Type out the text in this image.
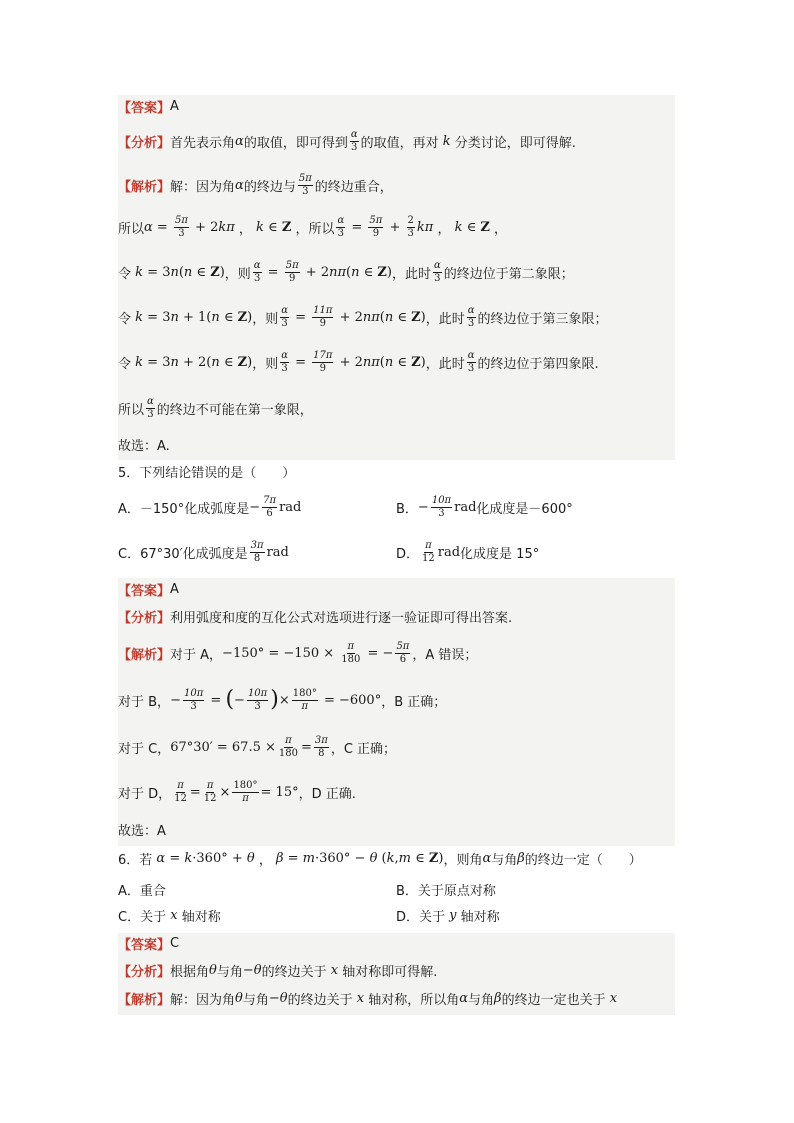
【答案】 A
【分析】 首先表示角 α 的取值，即可得到 $\frac{\alpha}{3}$ 的取值，再对 k 分类讨论，即可得解.
【解析】 解：因为角 α 的终边与 $\frac{5\pi}{3}$ 的终边重合，
所以 $\alpha = \frac{5\pi}{3} + 2$ kπ ， k ∈ Z
，所以 $\frac{\alpha}{3} = \frac{5\pi}{9} + \frac{2}{3}$ kπ ， k ∈ Z ，
令 k = 3 n ( n ∈ Z ) ，则 $\frac{\alpha}{3} = \frac{5\pi}{9} + 2$ nπ ( n ∈ Z ) ，此时 $\frac{\alpha}{3}$ 的终边位于第二象限；
令 k = 3 n + 1( n ∈ Z ) ，则 $\frac{\alpha}{3} = \frac{11\pi}{9} + 2$ nπ ( n ∈ Z ) ，此时 $\frac{\alpha}{3}$ 的终边位于第三象限；
令 k = 3 n + 2( n ∈ Z ) ，则 $\frac{\alpha}{3} = \frac{17\pi}{9} + 2$ nπ ( n ∈ Z ) ，此时 $\frac{\alpha}{3}$ 的终边位于第四象限.
所以 $\frac{\alpha}{3}$ 的终边不可能在第一象限，
故选：A.
5．下列结论错误的是（　　）
A．－150°化成弧度是 − $\frac{7\pi}{6}$ rad	B． − $\frac{10\pi}{3}$ rad 化成度是－600°
C．67°30′化成弧度是 $\frac{3\pi}{8}$ rad	D． $\frac{\pi}{12}$ rad 化成度是 15°
【答案】 A
【分析】 利用弧度和度的互化公式对选项进行逐一验证即可得出答案.
【解析】 对于 A， $-150^\circ = -150 \times \frac{\pi}{180}$ = − $\frac{5\pi}{6}$ ，A 错误；
对于 B， − $\frac{10\pi}{3}$ = ( − $\frac{10\pi}{3}$ ) × $\frac{180^\circ}{\pi} = -600^\circ$ ，B 正确；
对于 C， $67^\circ 30' = 67.5 \times \frac{\pi}{180} = \frac{3\pi}{8}$ ，C 正确；
对于 D， $\frac{\pi}{12} = \frac{\pi}{12} \times \frac{180^\circ}{\pi} = 15^\circ$ ，D 正确.
故选：A
6．若 α = k ·360° + θ ， β = m ·360° − θ ( k , m ∈ Z ) ，则角 α 与角 β 的终边一定（　　）
A．重合	B．关于原点对称
C．关于 x 轴对称	D．关于 y 轴对称
【答案】 C
【分析】 根据角 θ 与角 − θ 的终边关于 x 轴对称即可得解.
【解析】 解：因为角 θ 与角 − θ 的终边关于 x 轴对称，所以角 α 与角 β 的终边一定也关于 x
